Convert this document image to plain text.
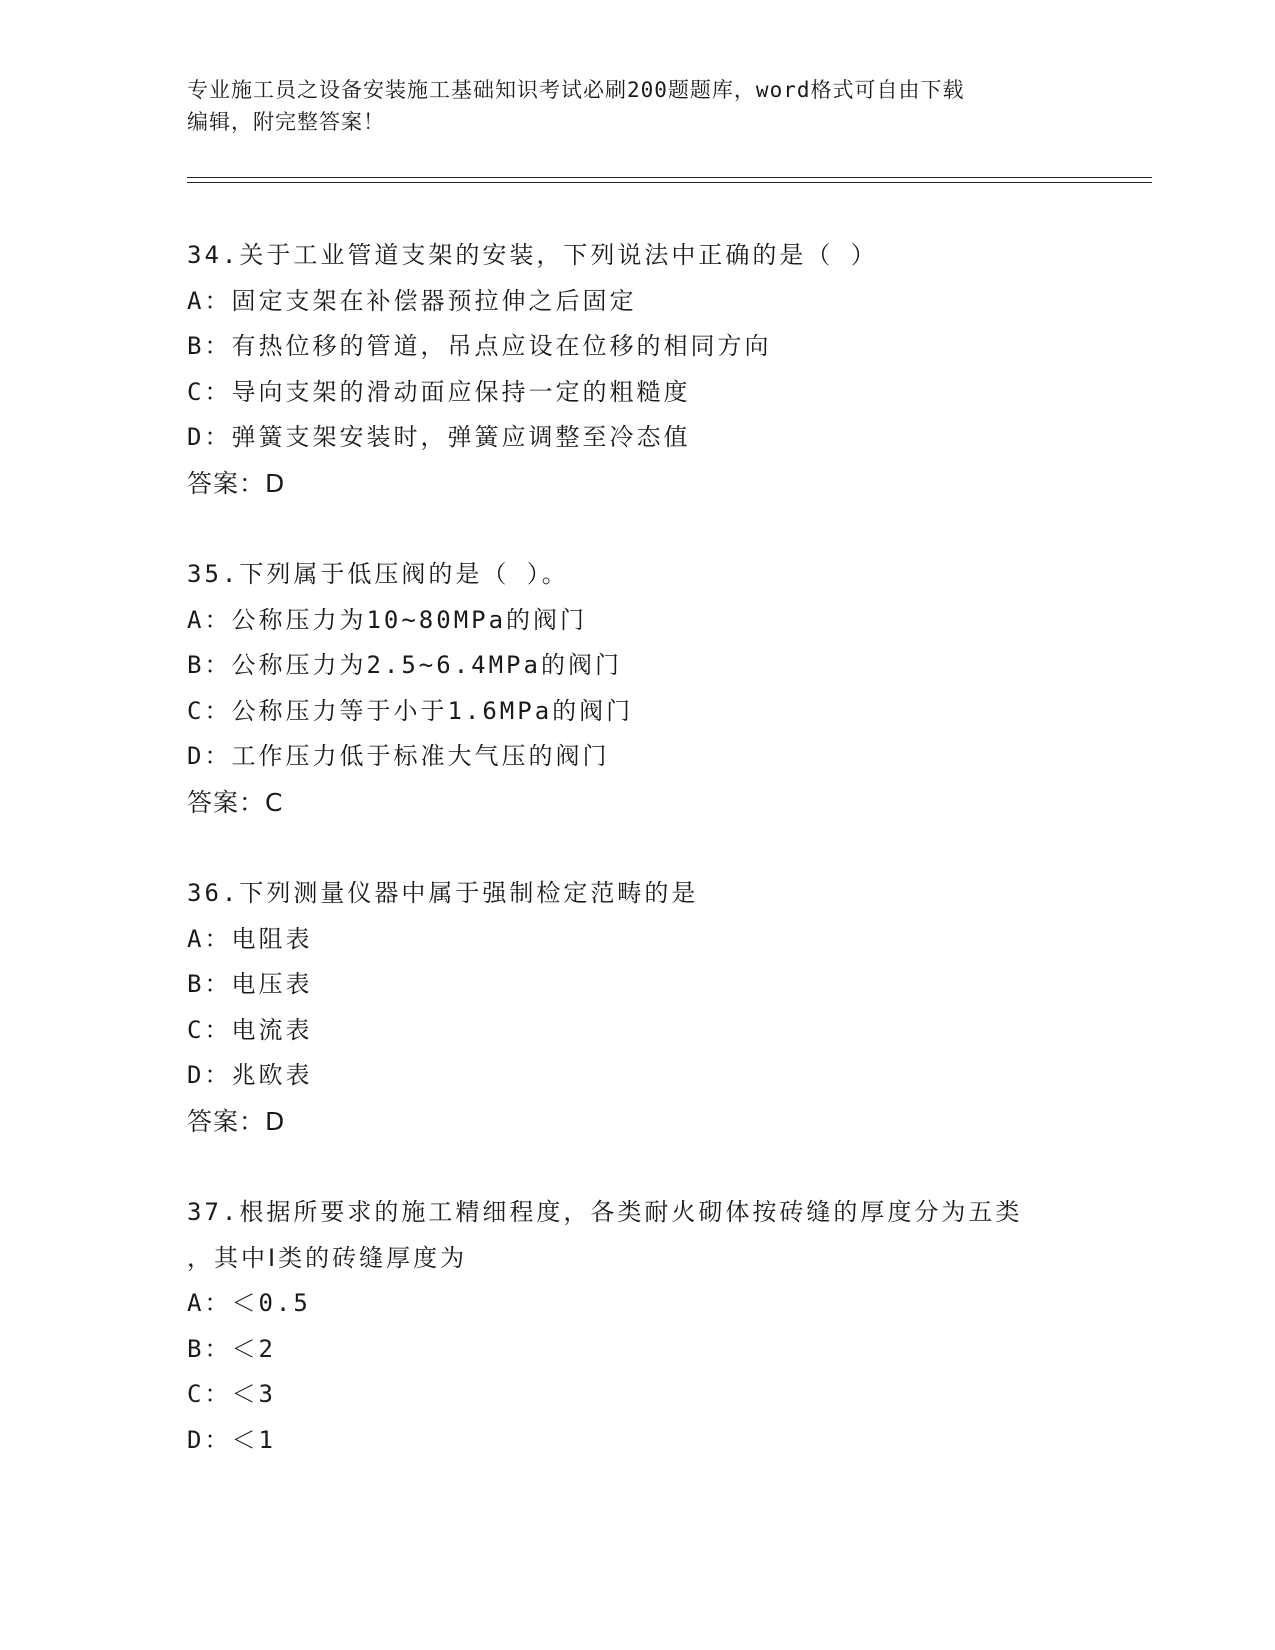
专业施工员之设备安装施工基础知识考试必刷200题题库，word格式可自由下载
编辑，附完整答案！
34.关于工业管道支架的安装，下列说法中正确的是（ ）
A：固定支架在补偿器预拉伸之后固定
B：有热位移的管道，吊点应设在位移的相同方向
C：导向支架的滑动面应保持一定的粗糙度
D：弹簧支架安装时，弹簧应调整至冷态值
答案：D
35.下列属于低压阀的是（ ）。
A：公称压力为10~80MPa的阀门
B：公称压力为2.5~6.4MPa的阀门
C：公称压力等于小于1.6MPa的阀门
D：工作压力低于标准大气压的阀门
答案：C
36.下列测量仪器中属于强制检定范畴的是
A：电阻表
B：电压表
C：电流表
D：兆欧表
答案：D
37.根据所要求的施工精细程度，各类耐火砌体按砖缝的厚度分为五类
，其中Ⅰ类的砖缝厚度为
A：＜0.5
B：＜2
C：＜3
D：＜1
